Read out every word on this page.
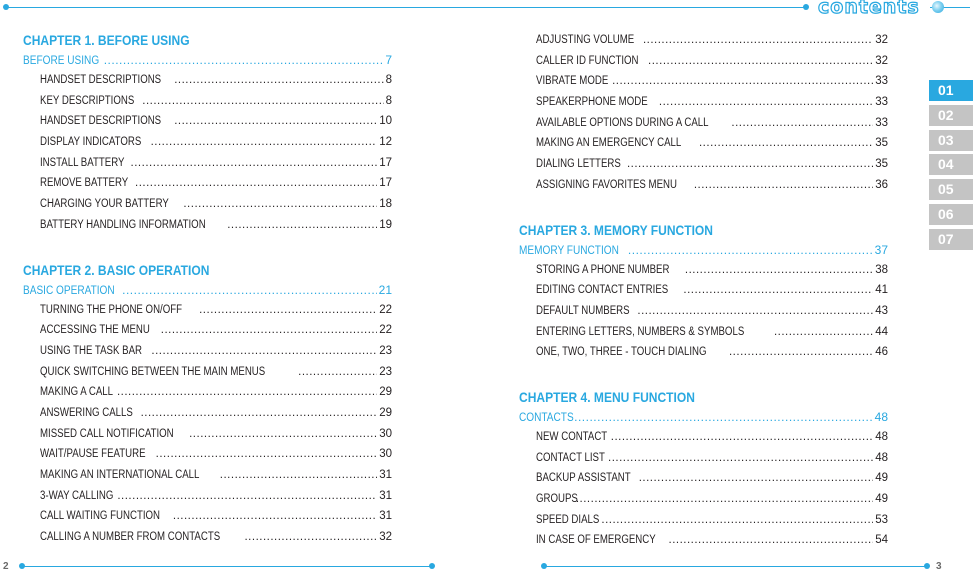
contents
2	3
01
02
03
04
05
06
07
CHAPTER 1. BEFORE USING
BEFORE USING .....	7
HANDSET DESCRIPTIONS .....	8
KEY DESCRIPTIONS .....	8
HANDSET DESCRIPTIONS .....	10
DISPLAY INDICATORS .....	12
INSTALL BATTERY .....	17
REMOVE BATTERY .....	17
CHARGING YOUR BATTERY .....	18
BATTERY HANDLING INFORMATION .....	19
CHAPTER 2. BASIC OPERATION
BASIC OPERATION .....	21
TURNING THE PHONE ON/OFF .....	22
ACCESSING THE MENU .....	22
USING THE TASK BAR .....	23
QUICK SWITCHING BETWEEN THE MAIN MENUS .....	23
MAKING A CALL .....	29
ANSWERING CALLS .....	29
MISSED CALL NOTIFICATION .....	30
WAIT/PAUSE FEATURE .....	30
MAKING AN INTERNATIONAL CALL .....	31
3-WAY CALLING .....	31
CALL WAITING FUNCTION .....	31
CALLING A NUMBER FROM CONTACTS .....	32
ADJUSTING VOLUME .....	32
CALLER ID FUNCTION .....	32
VIBRATE MODE .....	33
SPEAKERPHONE MODE .....	33
AVAILABLE OPTIONS DURING A CALL .....	33
MAKING AN EMERGENCY CALL .....	35
DIALING LETTERS .....	35
ASSIGNING FAVORITES MENU .....	36
CHAPTER 3. MEMORY FUNCTION
MEMORY FUNCTION .....	37
STORING A PHONE NUMBER .....	38
EDITING CONTACT ENTRIES .....	41
DEFAULT NUMBERS .....	43
ENTERING LETTERS, NUMBERS & SYMBOLS .....	44
ONE, TWO, THREE - TOUCH DIALING .....	46
CHAPTER 4. MENU FUNCTION
CONTACTS .....	48
NEW CONTACT .....	48
CONTACT LIST .....	48
BACKUP ASSISTANT .....	49
GROUPS .....	49
SPEED DIALS .....	53
IN CASE OF EMERGENCY .....	54
